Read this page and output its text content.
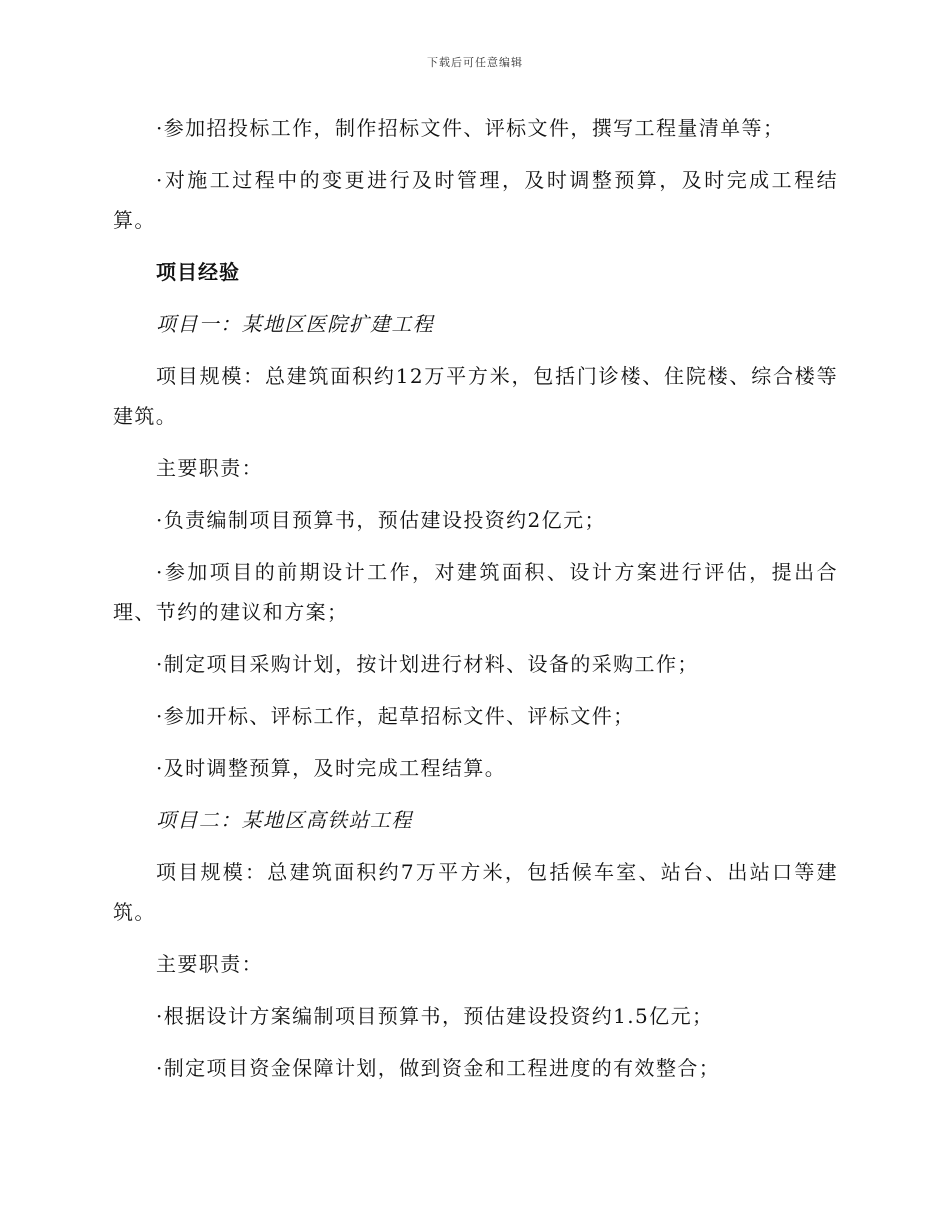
下载后可任意编辑

·参加招投标工作，制作招标文件、评标文件，撰写工程量清单等；

·对施工过程中的变更进行及时管理，及时调整预算，及时完成工程结算。

项目经验

项目一：某地区医院扩建工程

项目规模：总建筑面积约12万平方米，包括门诊楼、住院楼、综合楼等建筑。

主要职责：

·负责编制项目预算书，预估建设投资约2亿元；

·参加项目的前期设计工作，对建筑面积、设计方案进行评估，提出合理、节约的建议和方案；

·制定项目采购计划，按计划进行材料、设备的采购工作；

·参加开标、评标工作，起草招标文件、评标文件；

·及时调整预算，及时完成工程结算。

项目二：某地区高铁站工程

项目规模：总建筑面积约7万平方米，包括候车室、站台、出站口等建筑。

主要职责：

·根据设计方案编制项目预算书，预估建设投资约1.5亿元；

·制定项目资金保障计划，做到资金和工程进度的有效整合；
